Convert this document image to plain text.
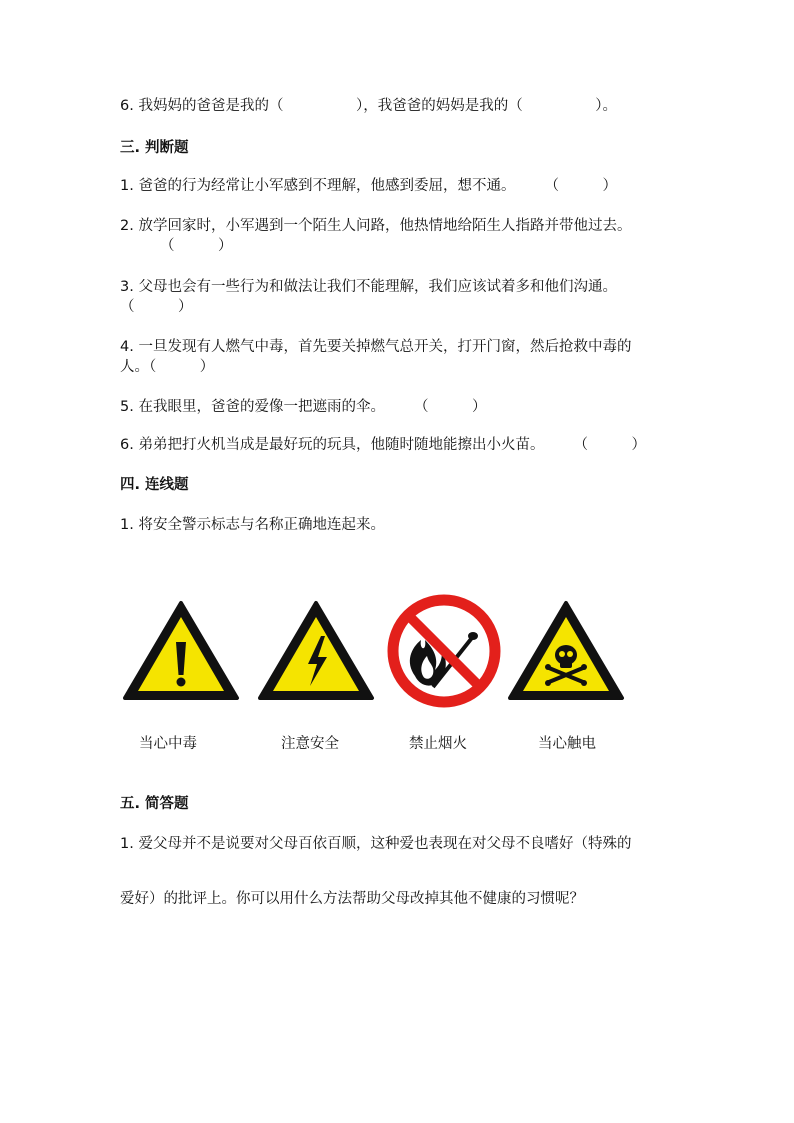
6. 我妈妈的爸爸是我的（　　　　　），我爸爸的妈妈是我的（　　　　　）。
三. 判断题
1. 爸爸的行为经常让小军感到不理解，他感到委屈，想不通。　　　（　　　）
2. 放学回家时，小军遇到一个陌生人问路，他热情地给陌生人指路并带他过去。
（　　　）
3. 父母也会有一些行为和做法让我们不能理解，我们应该试着多和他们沟通。
（　　　）
4. 一旦发现有人燃气中毒，首先要关掉燃气总开关，打开门窗，然后抢救中毒的
人。（　　　）
5. 在我眼里，爸爸的爱像一把遮雨的伞。　　　（　　　）
6. 弟弟把打火机当成是最好玩的玩具，他随时随地能擦出小火苗。　　　（　　　）
四. 连线题
1. 将安全警示标志与名称正确地连起来。
当心中毒	注意安全	禁止烟火	当心触电
五. 简答题
1. 爱父母并不是说要对父母百依百顺，这种爱也表现在对父母不良嗜好（特殊的
爱好）的批评上。你可以用什么方法帮助父母改掉其他不健康的习惯呢？
